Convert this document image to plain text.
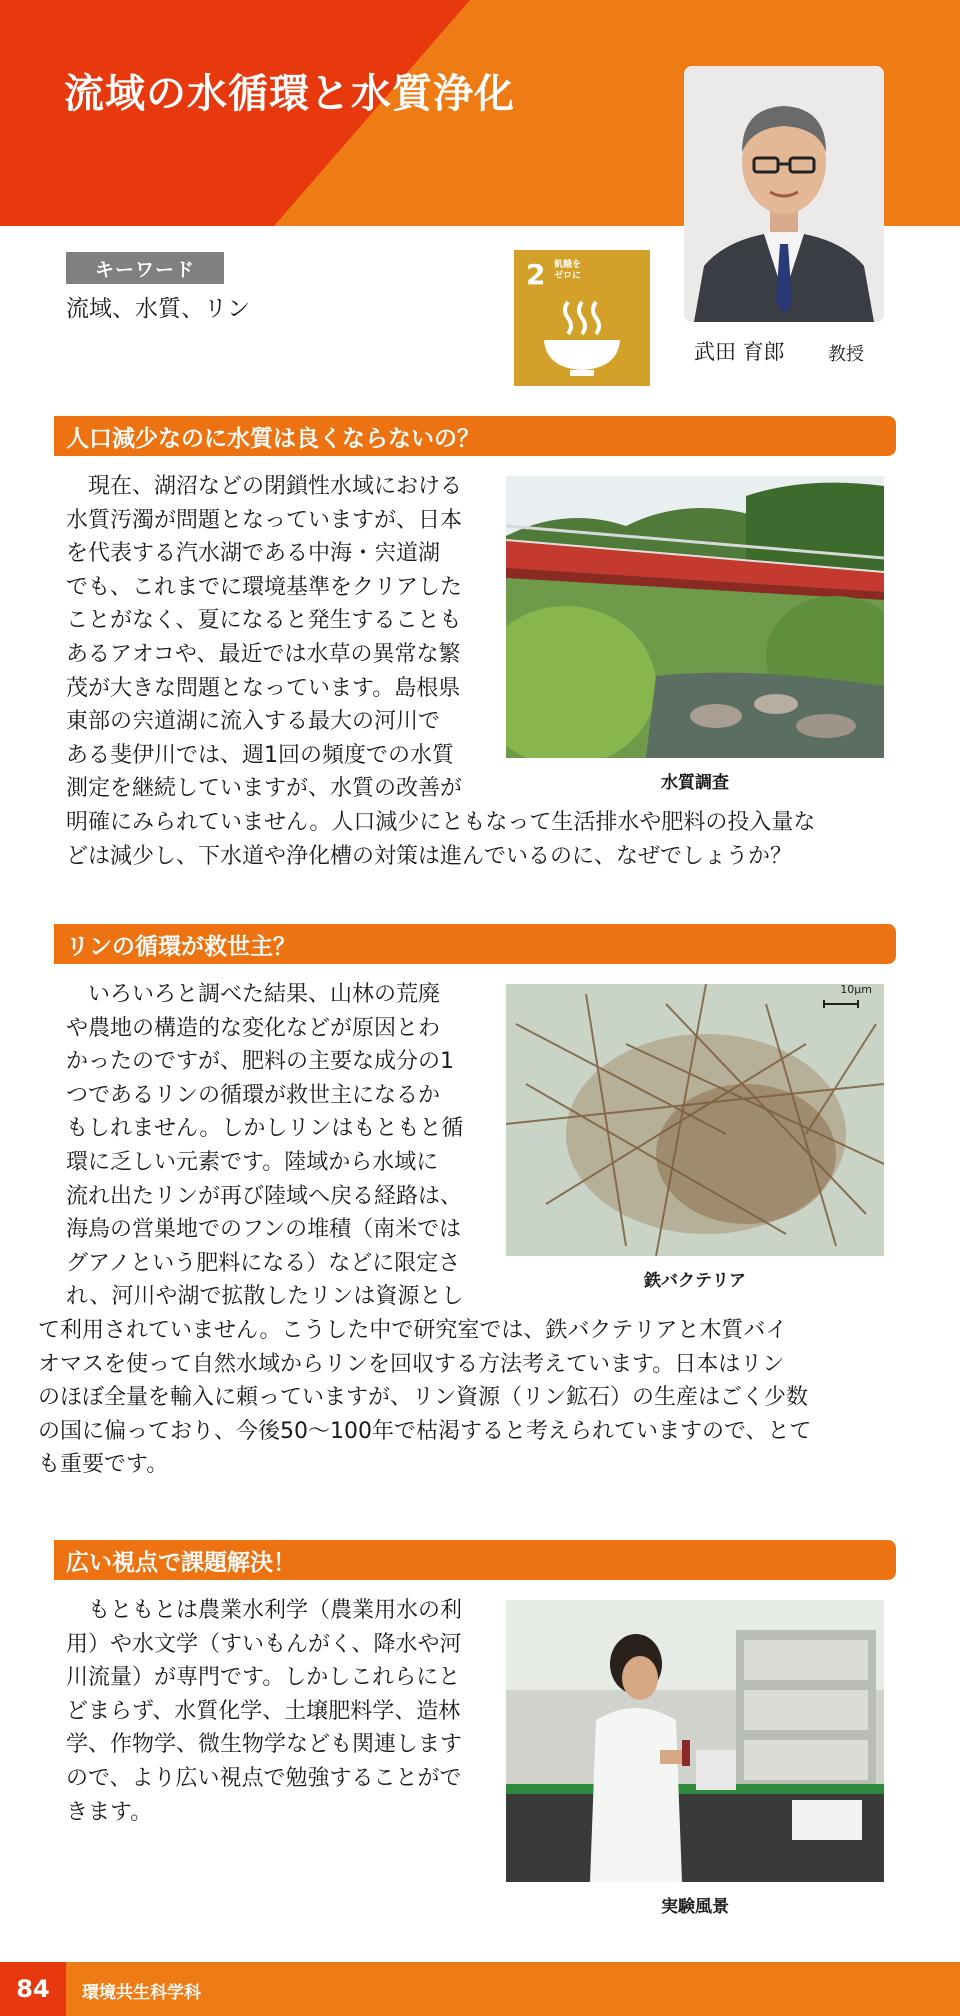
流域の水循環と水質浄化
武田 育郎 教授
キーワード
流域、水質、リン
2 飢餓を ゼロに
人口減少なのに水質は良くならないの？
　現在、湖沼などの閉鎖性水域における
水質汚濁が問題となっていますが、日本
を代表する汽水湖である中海・宍道湖
でも、これまでに環境基準をクリアした
ことがなく、夏になると発生することも
あるアオコや、最近では水草の異常な繁
茂が大きな問題となっています。島根県
東部の宍道湖に流入する最大の河川で
ある斐伊川では、週1回の頻度での水質
測定を継続していますが、水質の改善が	水質調査
明確にみられていません。人口減少にともなって生活排水や肥料の投入量な
どは減少し、下水道や浄化槽の対策は進んでいるのに、なぜでしょうか？
リンの循環が救世主？
　いろいろと調べた結果、山林の荒廃
や農地の構造的な変化などが原因とわ
かったのですが、肥料の主要な成分の1
つであるリンの循環が救世主になるか
もしれません。しかしリンはもともと循
環に乏しい元素です。陸域から水域に
流れ出たリンが再び陸域へ戻る経路は、
海鳥の営巣地でのフンの堆積（南米では
グアノという肥料になる）などに限定さ
れ、河川や湖で拡散したリンは資源とし
10μm
鉄バクテリア
て利用されていません。こうした中で研究室では、鉄バクテリアと木質バイ
オマスを使って自然水域からリンを回収する方法考えています。日本はリン
のほぼ全量を輸入に頼っていますが、リン資源（リン鉱石）の生産はごく少数
の国に偏っており、今後50～100年で枯渇すると考えられていますので、とて
も重要です。
広い視点で課題解決！
　もともとは農業水利学（農業用水の利
用）や水文学（すいもんがく、降水や河
川流量）が専門です。しかしこれらにと
どまらず、水質化学、土壌肥料学、造林
学、作物学、微生物学なども関連します
ので、より広い視点で勉強することがで
きます。
実験風景
84	環境共生科学科
